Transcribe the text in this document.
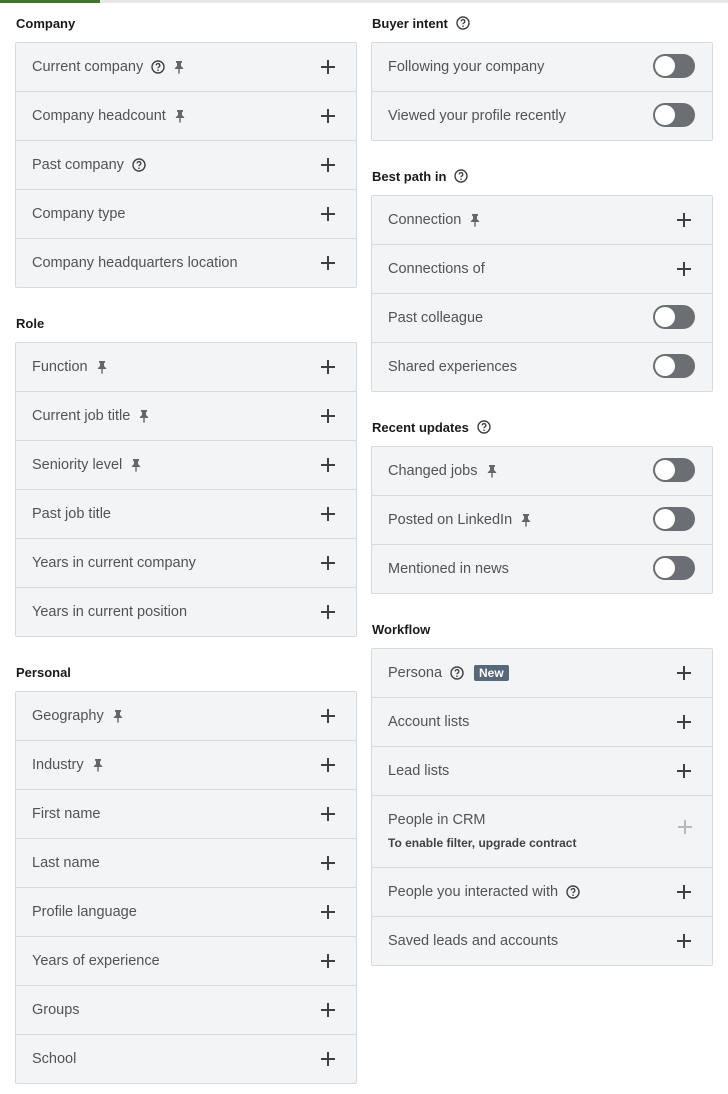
Company
Current company
Company headcount
Past company
Company type
Company headquarters location
Role
Function
Current job title
Seniority level
Past job title
Years in current company
Years in current position
Personal
Geography
Industry
First name
Last name
Profile language
Years of experience
Groups
School
Buyer intent
Following your company
Viewed your profile recently
Best path in
Connection
Connections of
Past colleague
Shared experiences
Recent updates
Changed jobs
Posted on LinkedIn
Mentioned in news
Workflow
Persona	New
Account lists
Lead lists
People in CRM
To enable filter, upgrade contract
People you interacted with
Saved leads and accounts
